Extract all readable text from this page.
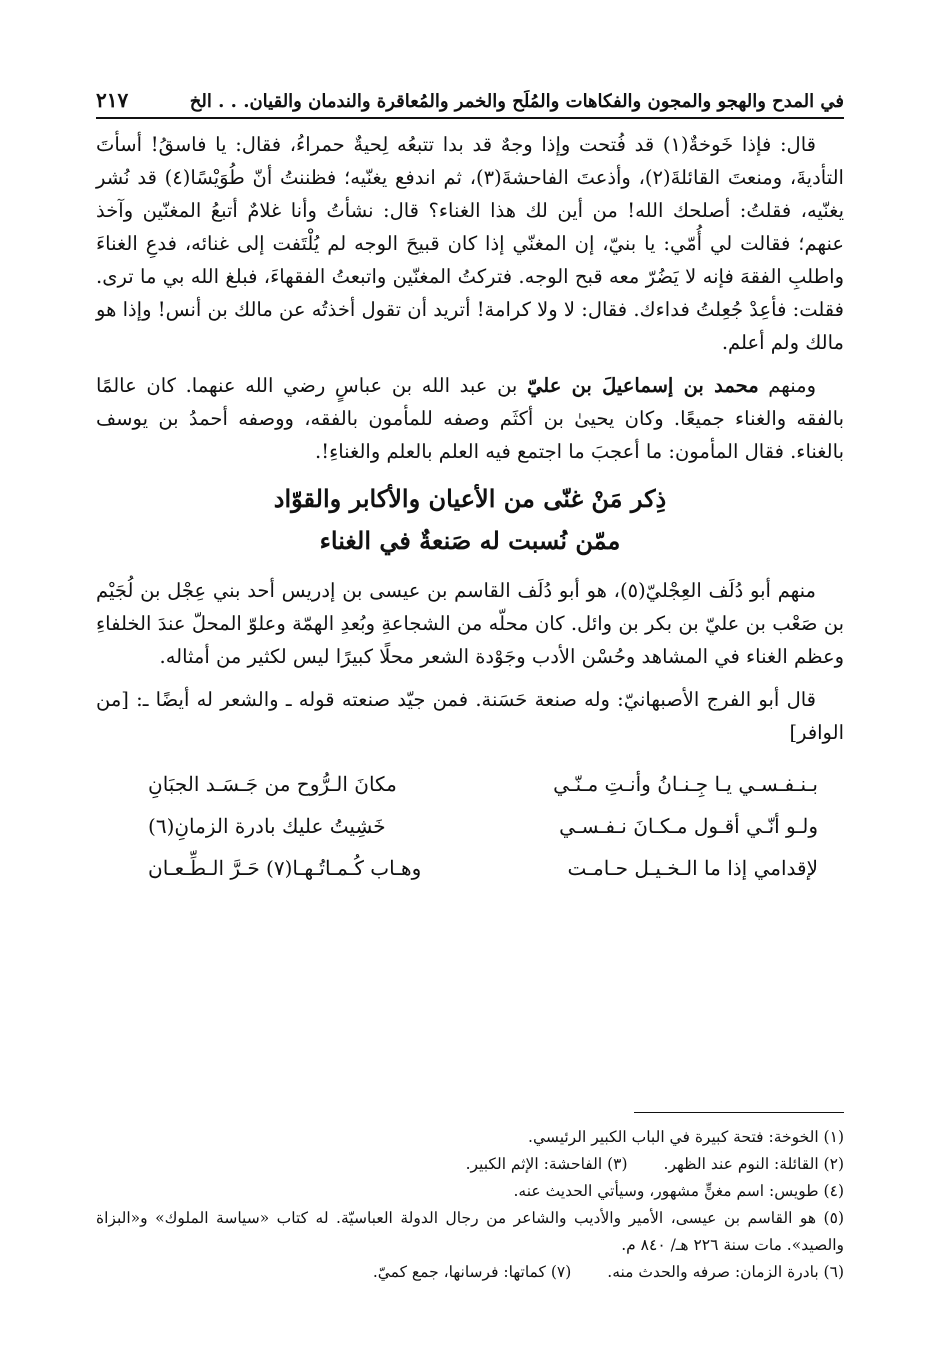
في المدح والهجو والمجون والفكاهات والمُلَح والخمر والمُعاقرة والندمان والقيان. . . الخ
٢١٧

قال: فإذا خَوخةٌ(١) قد فُتحت وإذا وجهٌ قد بدا تتبعُه لِحيةٌ حمراءُ، فقال: يا فاسقُ! أسأتَ التأديةَ، ومنعتَ القائلةَ(٢)، وأذعتَ الفاحشةَ(٣)، ثم اندفع يغنّيه؛ فظننتُ أنّ طُوَيْسًا(٤) قد نُشر يغنّيه، فقلتُ: أصلحك الله! من أين لك هذا الغناء؟ قال: نشأتُ وأنا غلامٌ أتبعُ المغنّين وآخذ عنهم؛ فقالت لي أُمّي: يا بنيّ، إن المغنّي إذا كان قبيحَ الوجه لم يُلْتَفت إلى غنائه، فدعِ الغناءَ واطلبِ الفقهَ فإنه لا يَضُرّ معه قبح الوجه. فتركتُ المغنّين واتبعتُ الفقهاءَ، فبلغ الله بي ما ترى. فقلت: فأعِدْ جُعِلتُ فداءك. فقال: لا ولا كرامة! أتريد أن تقول أخذتُه عن مالك بن أنس! وإذا هو مالك ولم أعلم.

ومنهم محمد بن إسماعيلَ بن عليّ بن عبد الله بن عباسٍ رضي الله عنهما. كان عالمًا بالفقه والغناء جميعًا. وكان يحيىٰ بن أكثَم وصفه للمأمون بالفقه، ووصفه أحمدُ بن يوسف بالغناء. فقال المأمون: ما أعجبَ ما اجتمع فيه العلم بالعلم والغناءِ!.

ذِكر مَنْ غنّى من الأعيان والأكابر والقوّاد
ممّن نُسبت له صَنعةٌ في الغناء

منهم أبو دُلَف العِجْليّ(٥)، هو أبو دُلَف القاسم بن عيسى بن إدريس أحد بني عِجْل بن لُجَيْم بن صَعْب بن عليّ بن بكر بن وائل. كان محلّه من الشجاعةِ وبُعدِ الهمّة وعلوّ المحلّ عندَ الخلفاءِ وعظم الغناء في المشاهد وحُسْن الأدب وجَوْدة الشعر محلًا كبيرًا ليس لكثير من أمثاله.

قال أبو الفرج الأصبهانيّ: وله صنعة حَسَنة. فمن جيّد صنعته قوله ـ والشعر له أيضًا ـ: [من الوافر]

بـنـفـسـي يـا جِـنـانُ وأنـتِ مـنّـي
مكانَ الـرُّوح من جَـسَـد الجبَانِ
ولـو أنّـي أقـول مـكـانَ نـفـسـي
خَشِيتُ عليك بادرة الزمانِ(٦)
لإقدامي إذا ما الـخـيـل حـامـت
وهـاب كُـمـاتُـهـا(٧) حَـرَّ الـطِّـعـان
(١) الخوخة: فتحة كبيرة في الباب الكبير الرئيسي.
(٢) القائلة: النوم عند الظهر.
(٣) الفاحشة: الإثم الكبير.
(٤) طويس: اسم مغنٍّ مشهور، وسيأتي الحديث عنه.
(٥) هو القاسم بن عيسى، الأمير والأديب والشاعر من رجال الدولة العباسيّة. له كتاب «سياسة الملوك» و«البزاة والصيد». مات سنة ٢٢٦ هـ/ ٨٤٠ م.
(٦) بادرة الزمان: صرفه والحدث منه.
(٧) كماتها: فرسانها، جمع كميّ.
